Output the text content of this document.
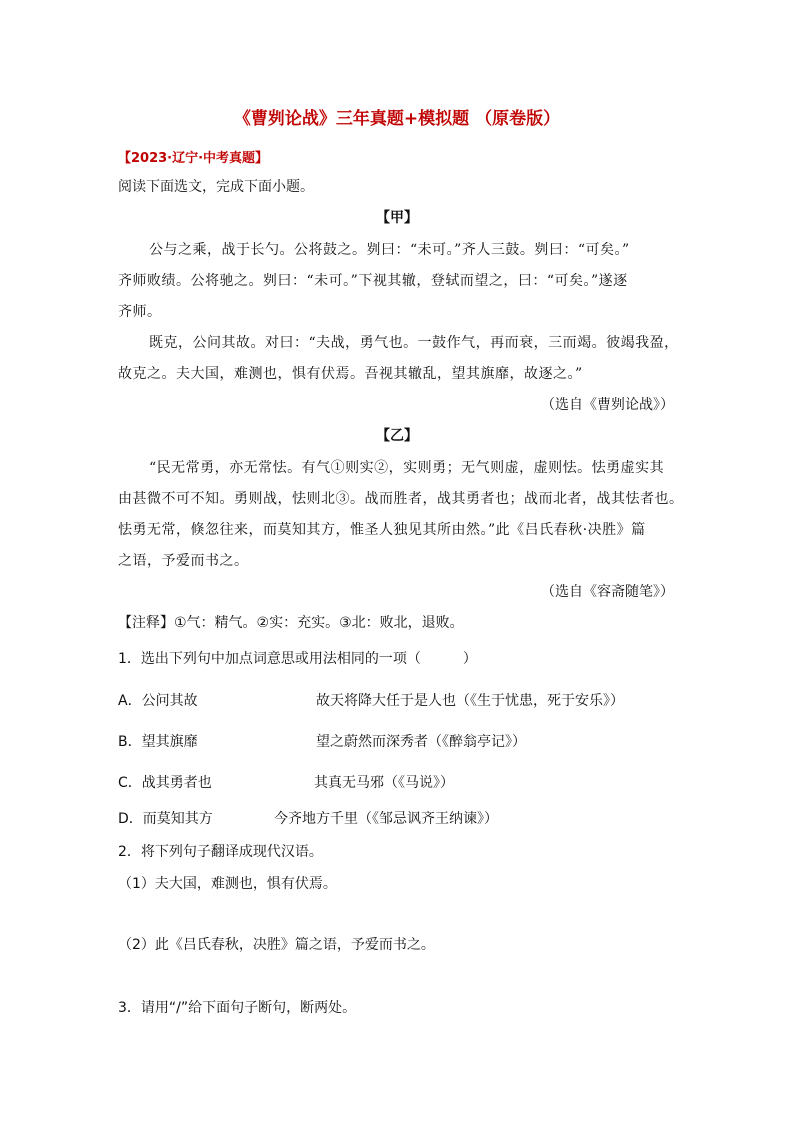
《曹刿论战》三年真题+模拟题 （原卷版）
【2023·辽宁·中考真题】
阅读下面选文，完成下面小题。
【甲】
公与之乘，战于长勺。公将鼓之。刿曰：“未可。”齐人三鼓。刿曰：“可矣。”
齐师败绩。公将驰之。刿曰：“未可。”下视其辙，登轼而望之，曰：“可矣。”遂逐
齐师。
既克，公问其故。对曰：“夫战，勇气也。一鼓作气，再而衰，三而竭。彼竭我盈，
故克之。夫大国，难测也，惧有伏焉。吾视其辙乱，望其旗靡，故逐之。”
（选自《曹刿论战》）
【乙】
“民无常勇，亦无常怯。有气①则实②，实则勇；无气则虚，虚则怯。怯勇虚实其
由甚微不可不知。勇则战，怯则北③。战而胜者，战其勇者也；战而北者，战其怯者也。
怯勇无常，倏忽往来，而莫知其方，惟圣人独见其所由然。”此《吕氏春秋·决胜》篇
之语，予爱而书之。
（选自《容斋随笔》）
【注释】①气：精气。②实：充实。③北：败北，退败。
1．选出下列句中加点词意思或用法相同的一项（　　　）
A．公问其故	故天将降大任于是人也（《生于忧患，死于安乐》）
B．望其旗靡	望之蔚然而深秀者（《醉翁亭记》）
C．战其勇者也	其真无马邪（《马说》）
D．而莫知其方	今齐地方千里（《邹忌讽齐王纳谏》）
2．将下列句子翻译成现代汉语。
（1）夫大国，难测也，惧有伏焉。
（2）此《吕氏春秋，决胜》篇之语，予爱而书之。
3．请用“/”给下面句子断句，断两处。
